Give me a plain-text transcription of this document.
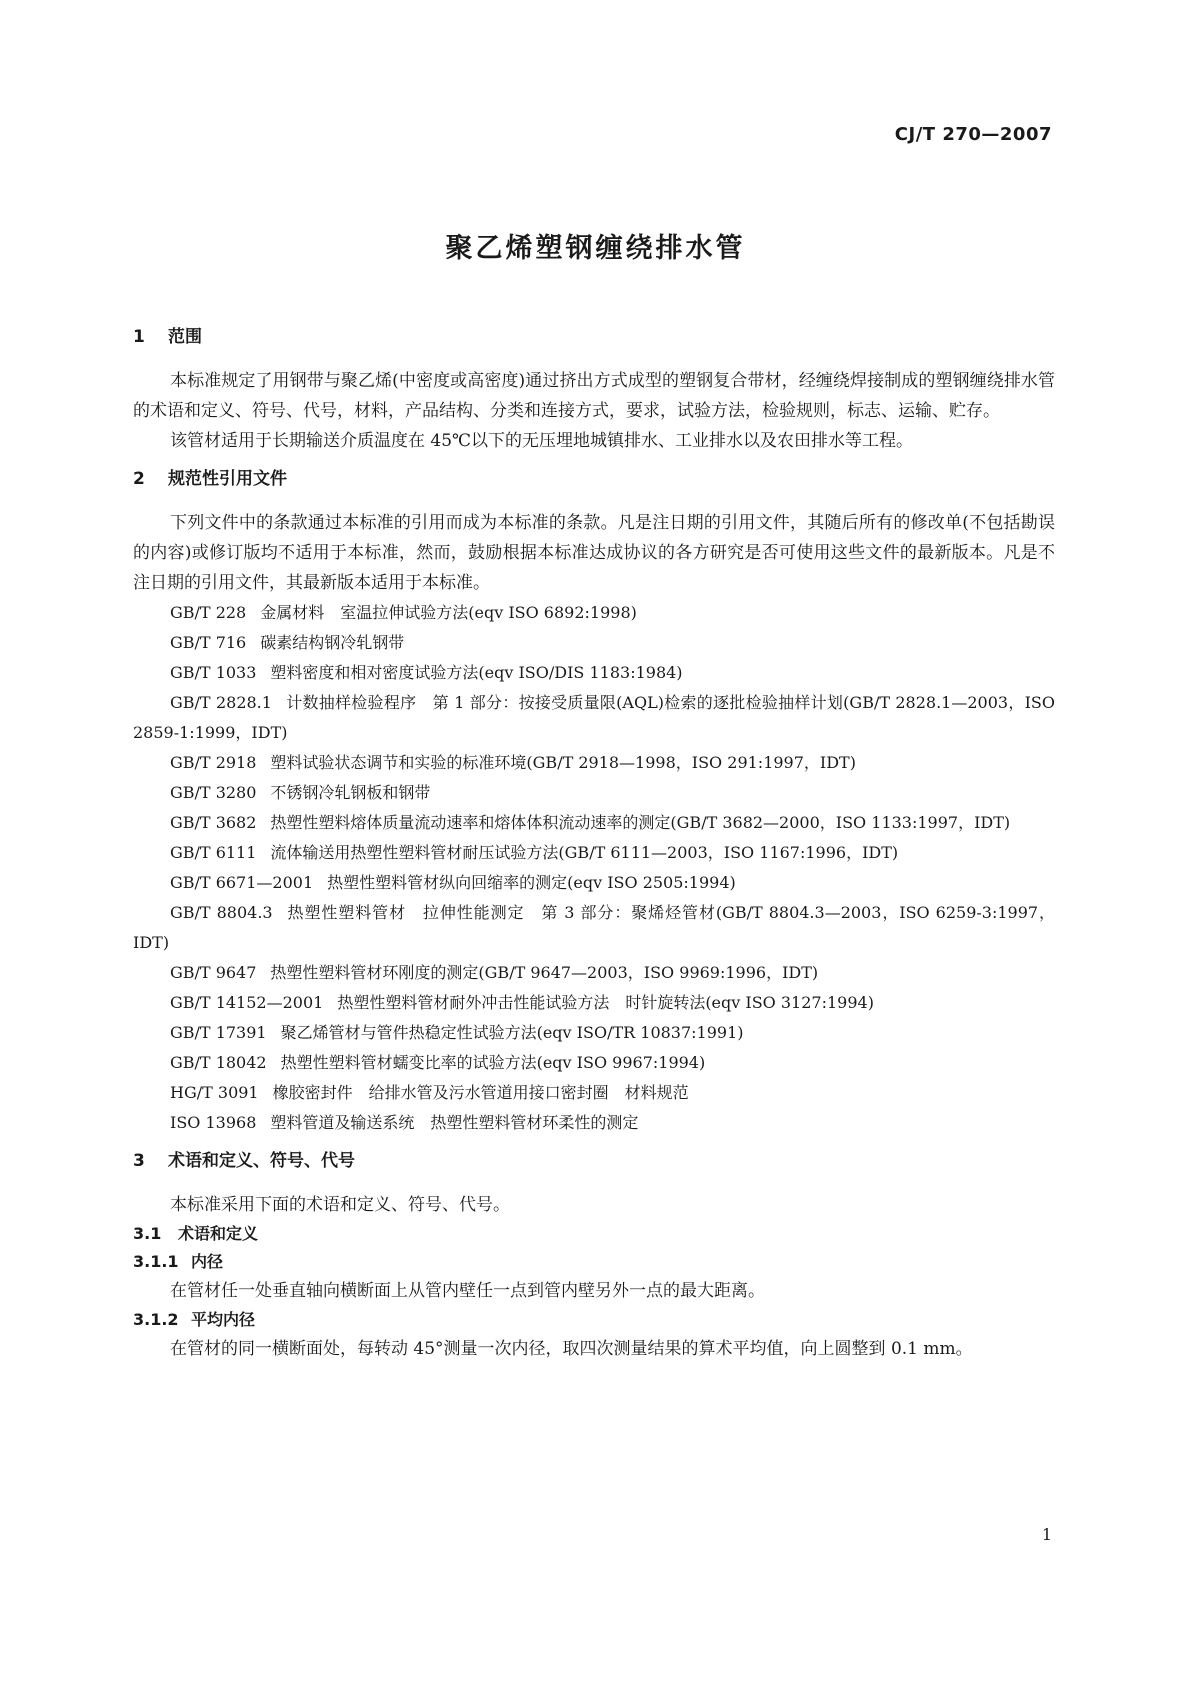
CJ/T 270—2007
聚乙烯塑钢缠绕排水管
1	范围
本标准规定了用钢带与聚乙烯(中密度或高密度)通过挤出方式成型的塑钢复合带材，经缠绕焊接制成的塑钢缠绕排水管的术语和定义、符号、代号，材料，产品结构、分类和连接方式，要求，试验方法，检验规则，标志、运输、贮存。
该管材适用于长期输送介质温度在 45℃以下的无压埋地城镇排水、工业排水以及农田排水等工程。
2	规范性引用文件
下列文件中的条款通过本标准的引用而成为本标准的条款。凡是注日期的引用文件，其随后所有的修改单(不包括勘误的内容)或修订版均不适用于本标准，然而，鼓励根据本标准达成协议的各方研究是否可使用这些文件的最新版本。凡是不注日期的引用文件，其最新版本适用于本标准。
GB/T 228 金属材料　室温拉伸试验方法(eqv ISO 6892:1998)
GB/T 716 碳素结构钢冷轧钢带
GB/T 1033 塑料密度和相对密度试验方法(eqv ISO/DIS 1183:1984)
GB/T 2828.1 计数抽样检验程序　第 1 部分：按接受质量限(AQL)检索的逐批检验抽样计划(GB/T 2828.1—2003，ISO 2859-1:1999，IDT)
GB/T 2918 塑料试验状态调节和实验的标准环境(GB/T 2918—1998，ISO 291:1997，IDT)
GB/T 3280 不锈钢冷轧钢板和钢带
GB/T 3682 热塑性塑料熔体质量流动速率和熔体体积流动速率的测定(GB/T 3682—2000，ISO 1133:1997，IDT)
GB/T 6111 流体输送用热塑性塑料管材耐压试验方法(GB/T 6111—2003，ISO 1167:1996，IDT)
GB/T 6671—2001 热塑性塑料管材纵向回缩率的测定(eqv ISO 2505:1994)
GB/T 8804.3 热塑性塑料管材　拉伸性能测定　第 3 部分：聚烯烃管材(GB/T 8804.3—2003，ISO 6259-3:1997，IDT)
GB/T 9647 热塑性塑料管材环刚度的测定(GB/T 9647—2003，ISO 9969:1996，IDT)
GB/T 14152—2001 热塑性塑料管材耐外冲击性能试验方法　时针旋转法(eqv ISO 3127:1994)
GB/T 17391 聚乙烯管材与管件热稳定性试验方法(eqv ISO/TR 10837:1991)
GB/T 18042 热塑性塑料管材蠕变比率的试验方法(eqv ISO 9967:1994)
HG/T 3091 橡胶密封件　给排水管及污水管道用接口密封圈　材料规范
ISO 13968 塑料管道及输送系统　热塑性塑料管材环柔性的测定
3	术语和定义、符号、代号
本标准采用下面的术语和定义、符号、代号。
3.1	术语和定义
3.1.1 内径
在管材任一处垂直轴向横断面上从管内壁任一点到管内壁另外一点的最大距离。
3.1.2 平均内径
在管材的同一横断面处，每转动 45°测量一次内径，取四次测量结果的算术平均值，向上圆整到 0.1 mm。
1
